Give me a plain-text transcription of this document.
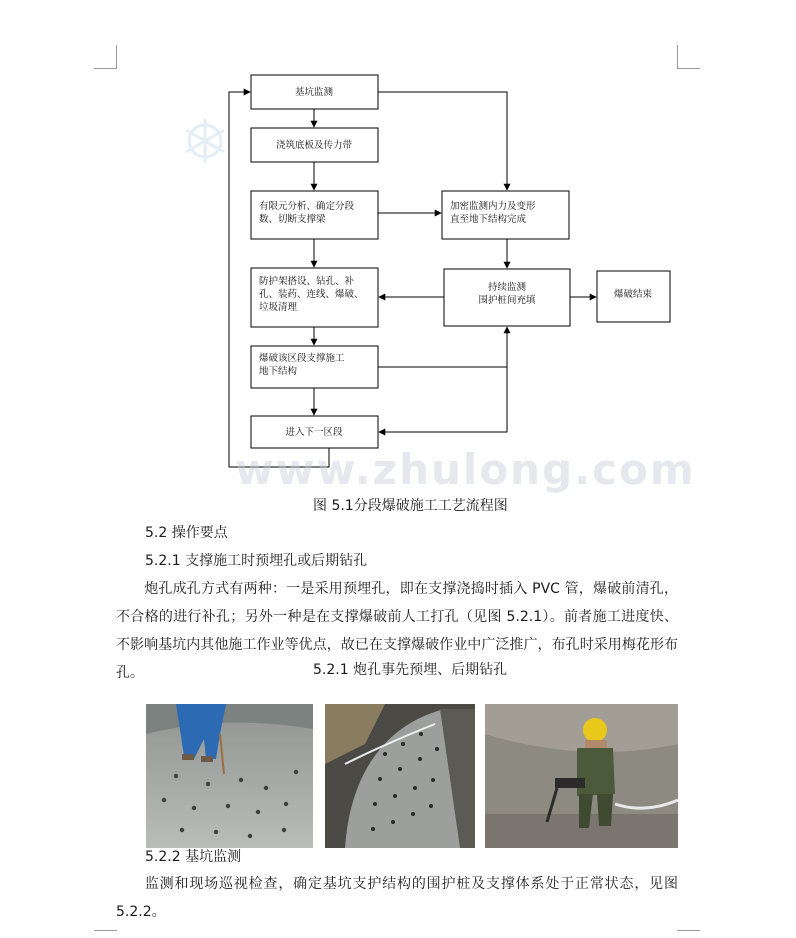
基坑监测
浇筑底板及传力带
有限元分析、确定分段数、切断支撑梁
防护架搭设、钻孔、补孔、装药、连线、爆破、垃圾清理
爆破该区段支撑施工地下结构
进入下一区段
加密监测内力及变形直至地下结构完成
持续监测围护桩间充填
爆破结束
www.zhulong.com
图 5.1分段爆破施工工艺流程图
5.2 操作要点
5.2.1 支撑施工时预埋孔或后期钻孔
炮孔成孔方式有两种：一是采用预埋孔，即在支撑浇捣时插入 PVC 管，爆破前清孔，不合格的进行补孔；另外一种是在支撑爆破前人工打孔（见图 5.2.1）。前者施工进度快、不影响基坑内其他施工作业等优点，故已在支撑爆破作业中广泛推广，布孔时采用梅花形布孔。	5.2.1 炮孔事先预埋、后期钻孔
5.2.2 基坑监测
监测和现场巡视检查，确定基坑支护结构的围护桩及支撑体系处于正常状态，见图 5.2.2。
